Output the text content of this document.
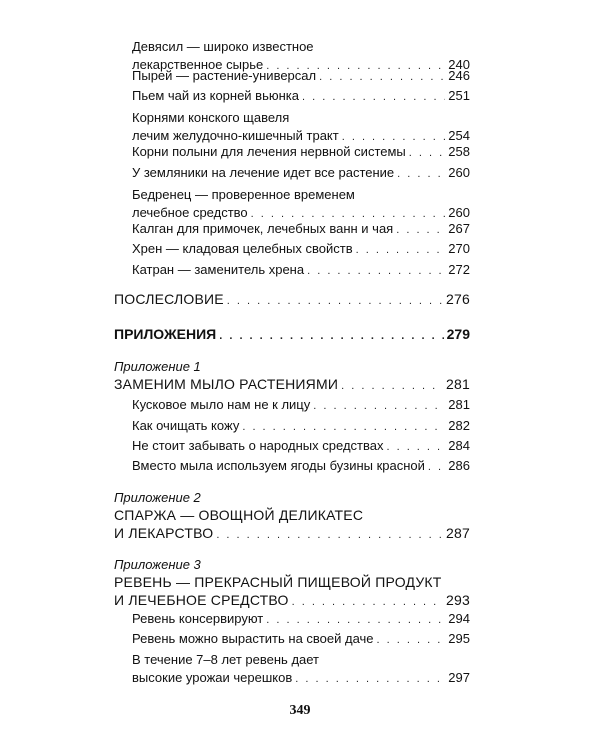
Девясил — широко известное
лекарственное сырье . . .	240
Пырей — растение-универсал . . .	246
Пьем чай из корней вьюнка . . .	251
Корнями конского щавеля
лечим желудочно-кишечный тракт . . .	254
Корни полыни для лечения нервной системы . . .	258
У земляники на лечение идет все растение . . .	260
Бедренец — проверенное временем
лечебное средство . . .	260
Калган для примочек, лечебных ванн и чая . . .	267
Хрен — кладовая целебных свойств . . .	270
Катран — заменитель хрена . . .	272
ПОСЛЕСЛОВИЕ . . .	276
ПРИЛОЖЕНИЯ . . .	279
Приложение 1
ЗАМЕНИМ МЫЛО РАСТЕНИЯМИ . . .	281
Кусковое мыло нам не к лицу . . .	281
Как очищать кожу . . .	282
Не стоит забывать о народных средствах . . .	284
Вместо мыла используем ягоды бузины красной . . . 286
Приложение 2
СПАРЖА — ОВОЩНОЙ ДЕЛИКАТЕС
И ЛЕКАРСТВО . . .	287
Приложение 3
РЕВЕНЬ — ПРЕКРАСНЫЙ ПИЩЕВОЙ ПРОДУКТ
И ЛЕЧЕБНОЕ СРЕДСТВО . . .	293
Ревень консервируют . . .	294
Ревень можно вырастить на своей даче . . .	295
В течение 7–8 лет ревень дает
высокие урожаи черешков . . .	297
349
